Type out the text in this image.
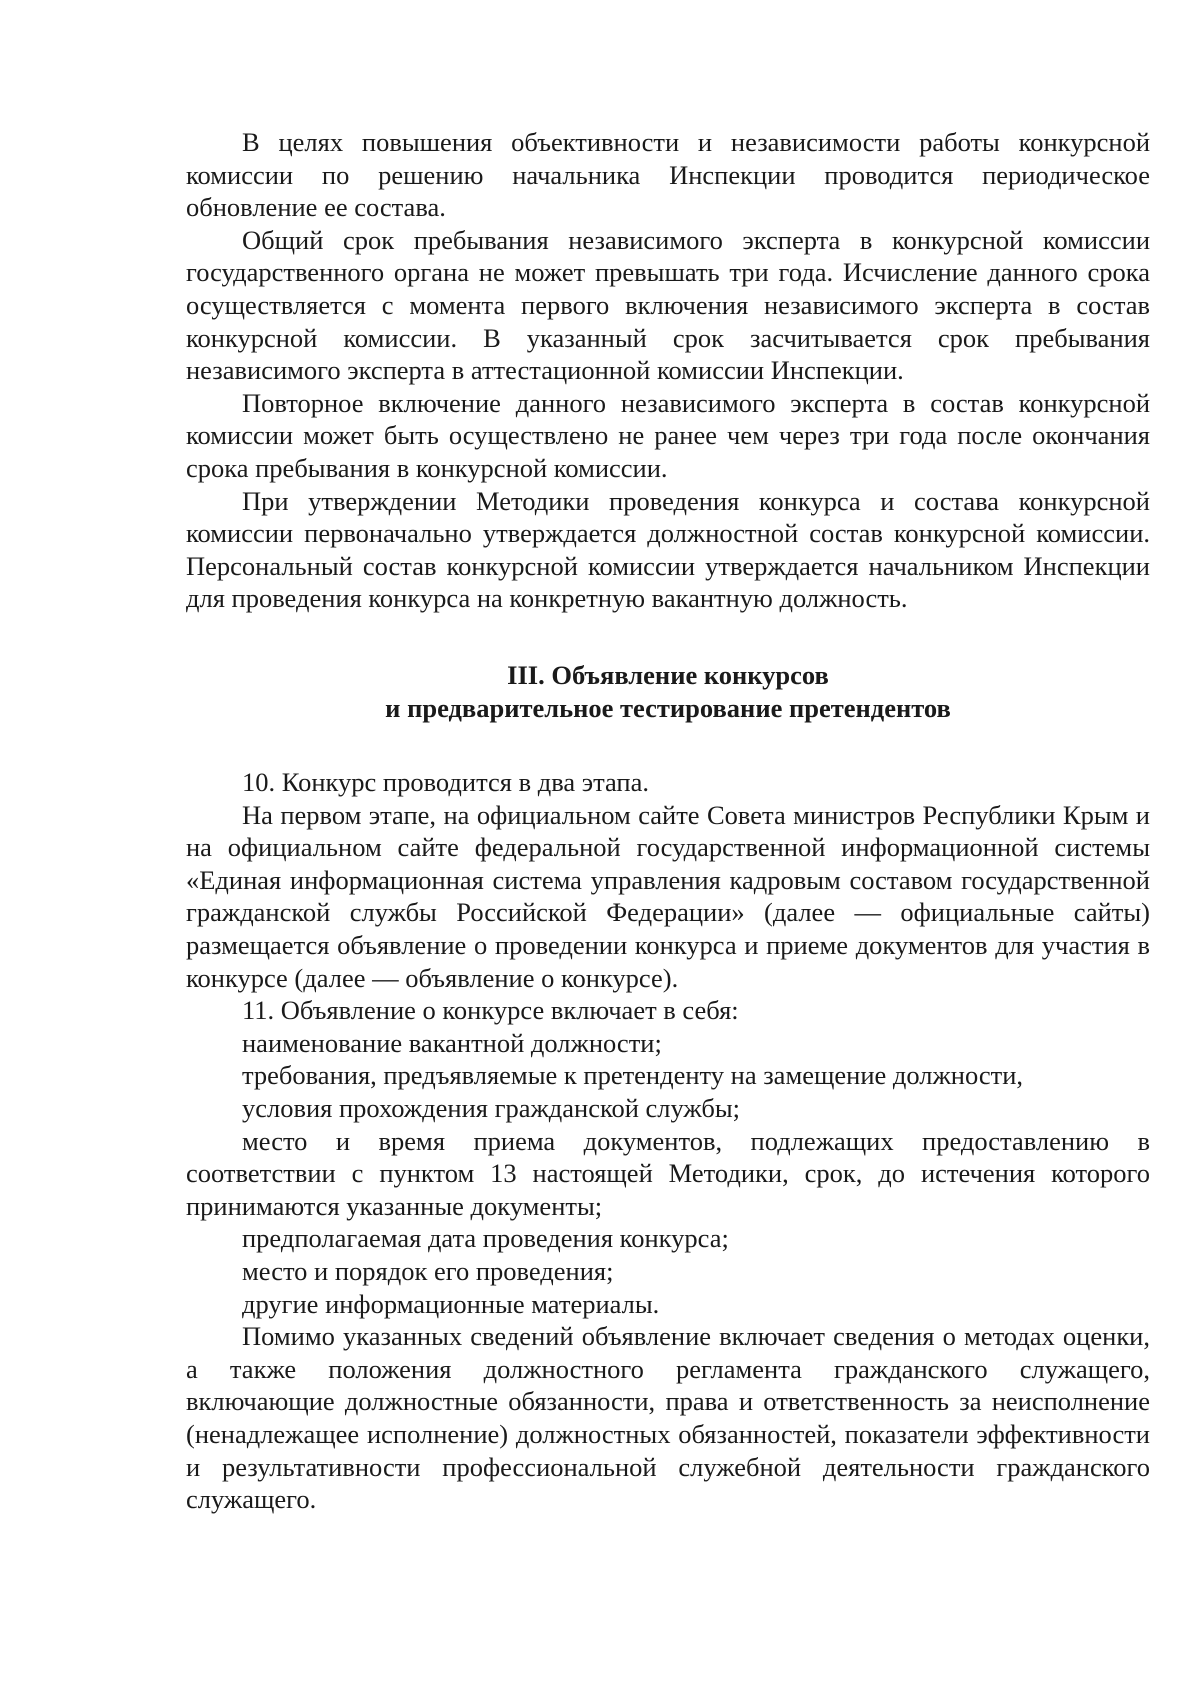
В целях повышения объективности и независимости работы конкурсной комиссии по решению начальника Инспекции проводится периодическое обновление ее состава.

Общий срок пребывания независимого эксперта в конкурсной комиссии государственного органа не может превышать три года. Исчисление данного срока осуществляется с момента первого включения независимого эксперта в состав конкурсной комиссии. В указанный срок засчитывается срок пребывания независимого эксперта в аттестационной комиссии Инспекции.

Повторное включение данного независимого эксперта в состав конкурсной комиссии может быть осуществлено не ранее чем через три года после окончания срока пребывания в конкурсной комиссии.

При утверждении Методики проведения конкурса и состава конкурсной комиссии первоначально утверждается должностной состав конкурсной комиссии. Персональный состав конкурсной комиссии утверждается начальником Инспекции для проведения конкурса на конкретную вакантную должность.

III. Объявление конкурсов
и предварительное тестирование претендентов

10. Конкурс проводится в два этапа.

На первом этапе, на официальном сайте Совета министров Республики Крым и на официальном сайте федеральной государственной информационной системы «Единая информационная система управления кадровым составом государственной гражданской службы Российской Федерации» (далее — официальные сайты) размещается объявление о проведении конкурса и приеме документов для участия в конкурсе (далее — объявление о конкурсе).

11. Объявление о конкурсе включает в себя:

наименование вакантной должности;

требования, предъявляемые к претенденту на замещение должности,

условия прохождения гражданской службы;

место и время приема документов, подлежащих предоставлению в соответствии с пунктом 13 настоящей Методики, срок, до истечения которого принимаются указанные документы;

предполагаемая дата проведения конкурса;

место и порядок его проведения;

другие информационные материалы.

Помимо указанных сведений объявление включает сведения о методах оценки, а также положения должностного регламента гражданского служащего, включающие должностные обязанности, права и ответственность за неисполнение (ненадлежащее исполнение) должностных обязанностей, показатели эффективности и результативности профессиональной служебной деятельности гражданского служащего.
